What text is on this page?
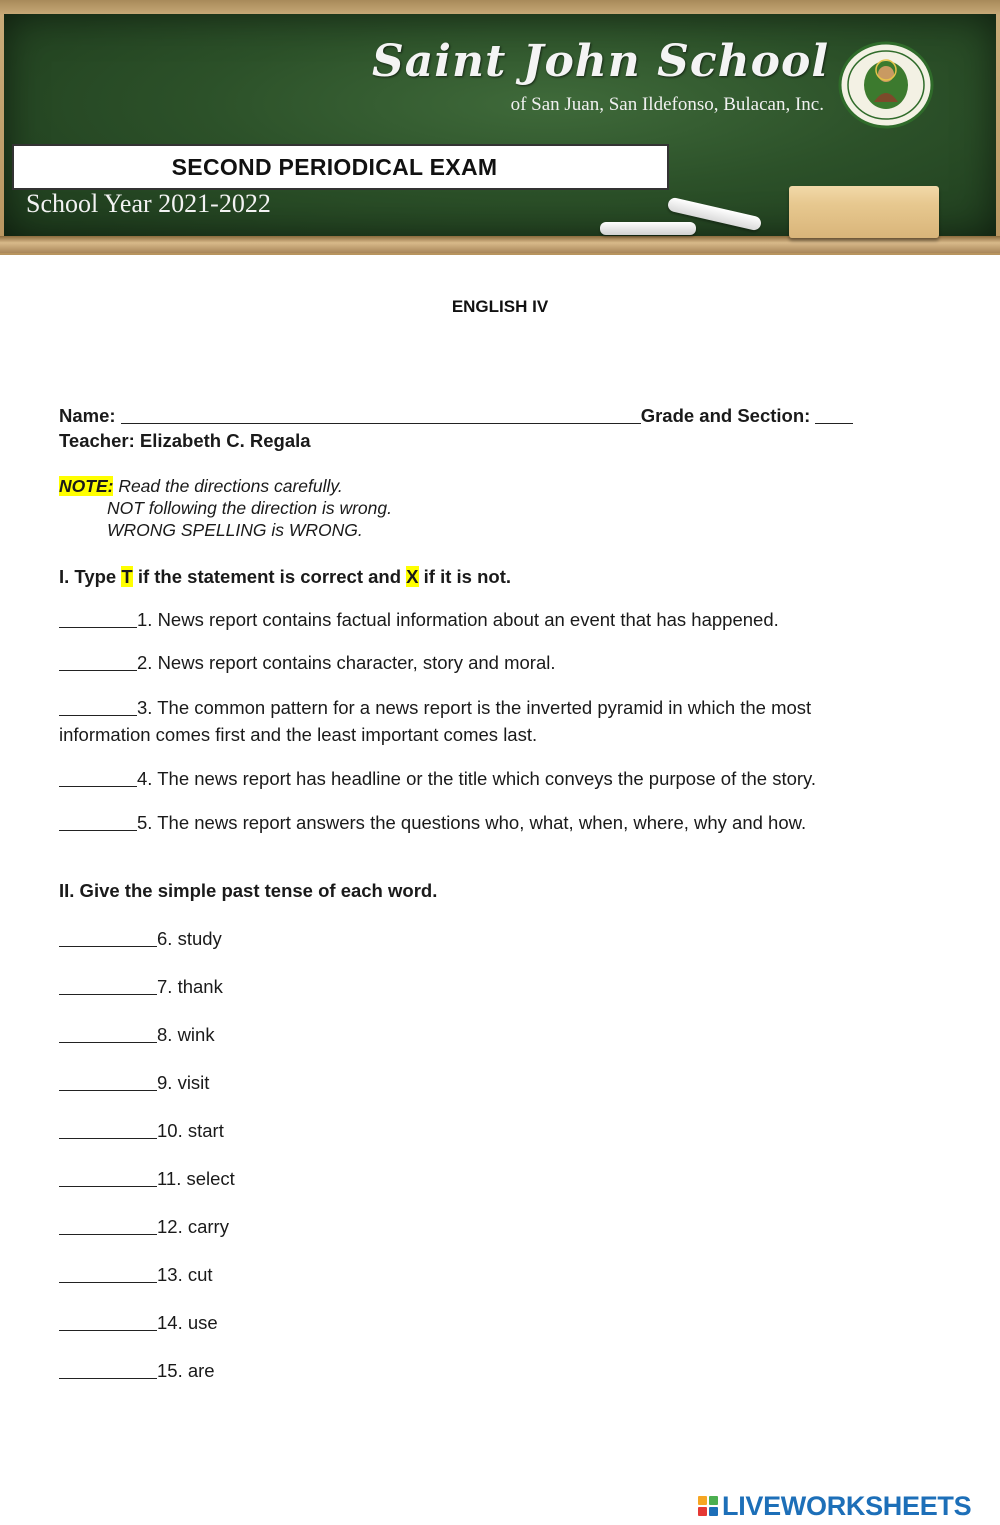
Saint John School
of San Juan, San Ildefonso, Bulacan, Inc.
SECOND PERIODICAL EXAM
School Year 2021-2022
ENGLISH IV
Name:	Grade and Section:
Teacher: Elizabeth C. Regala
NOTE: Read the directions carefully.
NOT following the direction is wrong.
WRONG SPELLING is WRONG.
I. Type T if the statement is correct and X if it is not.
1. News report contains factual information about an event that has happened.
2. News report contains character, story and moral.
3. The common pattern for a news report is the inverted pyramid in which the most
information comes first and the least important comes last.
4. The news report has headline or the title which conveys the purpose of the story.
5. The news report answers the questions who, what, when, where, why and how.
II. Give the simple past tense of each word.
6. study
7. thank
8. wink
9. visit
10. start
11. select
12. carry
13. cut
14. use
15. are
LIVEWORKSHEETS
